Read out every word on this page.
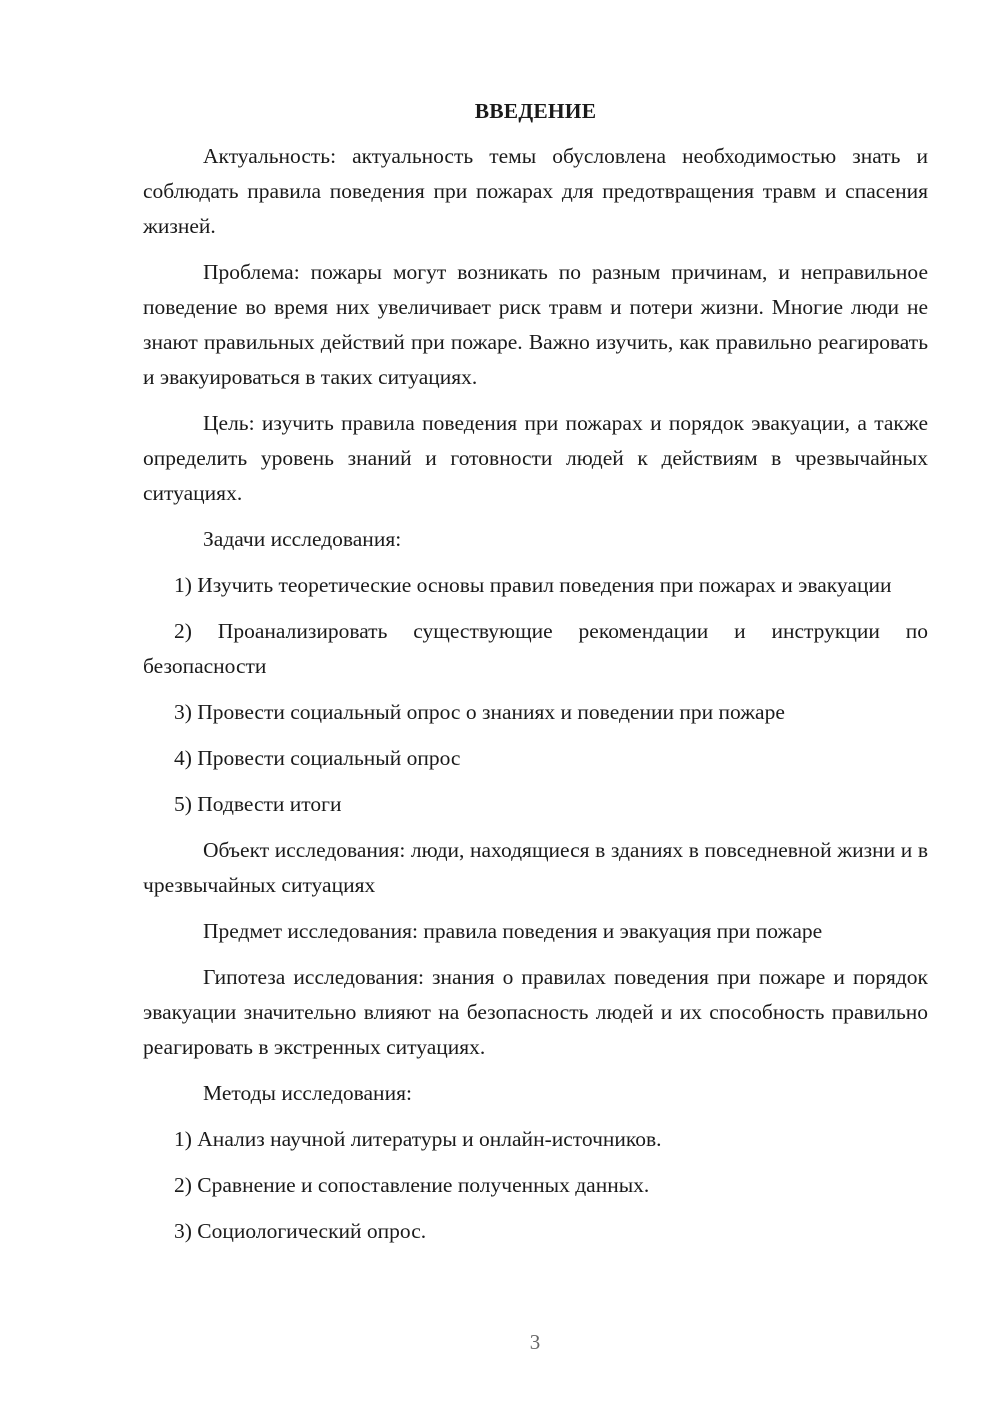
ВВЕДЕНИЕ

Актуальность: актуальность темы обусловлена необходимостью знать и соблюдать правила поведения при пожарах для предотвращения травм и спасения жизней.

Проблема: пожары могут возникать по разным причинам, и неправильное поведение во время них увеличивает риск травм и потери жизни. Многие люди не знают правильных действий при пожаре. Важно изучить, как правильно реагировать и эвакуироваться в таких ситуациях.

Цель: изучить правила поведения при пожарах и порядок эвакуации, а также определить уровень знаний и готовности людей к действиям в чрезвычайных ситуациях.

Задачи исследования:

1) Изучить теоретические основы правил поведения при пожарах и эвакуации

2) Проанализировать существующие рекомендации и инструкции по безопасности

3) Провести социальный опрос о знаниях и поведении при пожаре

4) Провести социальный опрос

5) Подвести итоги

Объект исследования: люди, находящиеся в зданиях в повседневной жизни и в чрезвычайных ситуациях

Предмет исследования: правила поведения и эвакуация при пожаре

Гипотеза исследования: знания о правилах поведения при пожаре и порядок эвакуации значительно влияют на безопасность людей и их способность правильно реагировать в экстренных ситуациях.

Методы исследования:

1) Анализ научной литературы и онлайн-источников.

2) Сравнение и сопоставление полученных данных.

3) Социологический опрос.

3
